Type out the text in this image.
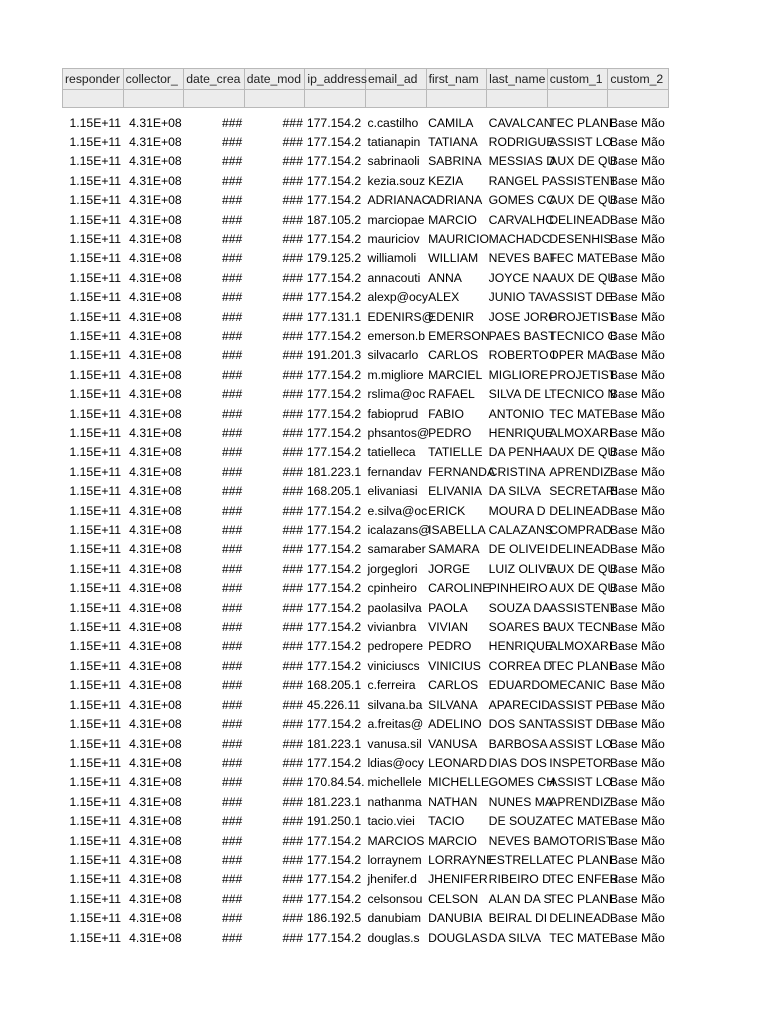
responder	collector_	date_crea	date_mod	ip_address	email_ad	first_nam	last_name	custom_1	custom_2

1.15E+11	4.31E+08	###	###	177.154.2	c.castilho	CAMILA	CAVALCAN	TEC PLANE	Base Mão
1.15E+11	4.31E+08	###	###	177.154.2	tatianapin	TATIANA	RODRIGUE	ASSIST LO	Base Mão
1.15E+11	4.31E+08	###	###	177.154.2	sabrinaoli	SABRINA	MESSIAS D	AUX DE QU	Base Mão
1.15E+11	4.31E+08	###	###	177.154.2	kezia.souz	KEZIA	RANGEL P	ASSISTENT	Base Mão
1.15E+11	4.31E+08	###	###	177.154.2	ADRIANAC	ADRIANA	GOMES CC	AUX DE QU	Base Mão
1.15E+11	4.31E+08	###	###	187.105.2	marciopae	MARCIO	CARVALHC	DELINEAD	Base Mão
1.15E+11	4.31E+08	###	###	177.154.2	mauriciov	MAURICIO	MACHADC	DESENHIS	Base Mão
1.15E+11	4.31E+08	###	###	179.125.2	williamoli	WILLIAM	NEVES BAF	TEC MATE	Base Mão
1.15E+11	4.31E+08	###	###	177.154.2	annacouti	ANNA	JOYCE NA	AUX DE QU	Base Mão
1.15E+11	4.31E+08	###	###	177.154.2	alexp@ocy	ALEX	JUNIO TAV	ASSIST DE	Base Mão
1.15E+11	4.31E+08	###	###	177.131.1	EDENIRS@	EDENIR	JOSE JORG	PROJETIST	Base Mão
1.15E+11	4.31E+08	###	###	177.154.2	emerson.b	EMERSON	PAES BAST	TECNICO C	Base Mão
1.15E+11	4.31E+08	###	###	191.201.3	silvacarlo	CARLOS	ROBERTO I	OPER MAC	Base Mão
1.15E+11	4.31E+08	###	###	177.154.2	m.migliore	MARCIEL	MIGLIORE	PROJETIST	Base Mão
1.15E+11	4.31E+08	###	###	177.154.2	rslima@oc	RAFAEL	SILVA DE L	TECNICO N	Base Mão
1.15E+11	4.31E+08	###	###	177.154.2	fabioprud	FABIO	ANTONIO	TEC MATE	Base Mão
1.15E+11	4.31E+08	###	###	177.154.2	phsantos@	PEDRO	HENRIQUE	ALMOXARI	Base Mão
1.15E+11	4.31E+08	###	###	177.154.2	tatielleca	TATIELLE	DA PENHA	AUX DE QU	Base Mão
1.15E+11	4.31E+08	###	###	181.223.1	fernandav	FERNANDA	CRISTINA	APRENDIZ	Base Mão
1.15E+11	4.31E+08	###	###	168.205.1	elivaniasi	ELIVANIA	DA SILVA	SECRETARI	Base Mão
1.15E+11	4.31E+08	###	###	177.154.2	e.silva@oc	ERICK	MOURA D	DELINEAD	Base Mão
1.15E+11	4.31E+08	###	###	177.154.2	icalazans@	ISABELLA	CALAZANS	COMPRAD	Base Mão
1.15E+11	4.31E+08	###	###	177.154.2	samaraber	SAMARA	DE OLIVEI	DELINEAD	Base Mão
1.15E+11	4.31E+08	###	###	177.154.2	jorgeglori	JORGE	LUIZ OLIVE	AUX DE QU	Base Mão
1.15E+11	4.31E+08	###	###	177.154.2	cpinheiro	CAROLINE	PINHEIRO	AUX DE QU	Base Mão
1.15E+11	4.31E+08	###	###	177.154.2	paolasilva	PAOLA	SOUZA DA	ASSISTENT	Base Mão
1.15E+11	4.31E+08	###	###	177.154.2	vivianbra	VIVIAN	SOARES B	AUX TECNI	Base Mão
1.15E+11	4.31E+08	###	###	177.154.2	pedropere	PEDRO	HENRIQUE	ALMOXARI	Base Mão
1.15E+11	4.31E+08	###	###	177.154.2	viniciuscs	VINICIUS	CORREA D	TEC PLANE	Base Mão
1.15E+11	4.31E+08	###	###	168.205.1	c.ferreira	CARLOS	EDUARDO	MECANIC	Base Mão
1.15E+11	4.31E+08	###	###	45.226.11	silvana.ba	SILVANA	APARECID	ASSIST PE	Base Mão
1.15E+11	4.31E+08	###	###	177.154.2	a.freitas@	ADELINO	DOS SANT	ASSIST DE	Base Mão
1.15E+11	4.31E+08	###	###	181.223.1	vanusa.sil	VANUSA	BARBOSA	ASSIST LO	Base Mão
1.15E+11	4.31E+08	###	###	177.154.2	ldias@ocy	LEONARD	DIAS DOS	INSPETOR	Base Mão
1.15E+11	4.31E+08	###	###	170.84.54.	michellele	MICHELLE	GOMES CH	ASSIST LO	Base Mão
1.15E+11	4.31E+08	###	###	181.223.1	nathanma	NATHAN	NUNES MA	APRENDIZ	Base Mão
1.15E+11	4.31E+08	###	###	191.250.1	tacio.viei	TACIO	DE SOUZA	TEC MATE	Base Mão
1.15E+11	4.31E+08	###	###	177.154.2	MARCIOS	MARCIO	NEVES BA	MOTORIST	Base Mão
1.15E+11	4.31E+08	###	###	177.154.2	lorraynem	LORRAYNE	ESTRELLA	TEC PLANE	Base Mão
1.15E+11	4.31E+08	###	###	177.154.2	jhenifer.d	JHENIFER	RIBEIRO D	TEC ENFER	Base Mão
1.15E+11	4.31E+08	###	###	177.154.2	celsonsou	CELSON	ALAN DA S	TEC PLANE	Base Mão
1.15E+11	4.31E+08	###	###	186.192.5	danubiam	DANUBIA	BEIRAL DI	DELINEAD	Base Mão
1.15E+11	4.31E+08	###	###	177.154.2	douglas.s	DOUGLAS	DA SILVA	TEC MATE	Base Mão
